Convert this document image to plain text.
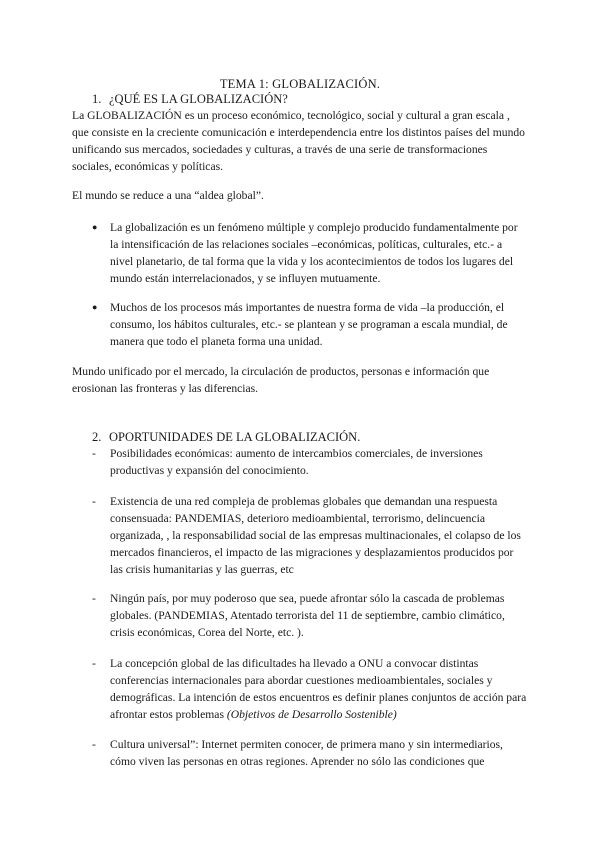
TEMA 1: GLOBALIZACIÓN.
1. ¿QUÉ ES LA GLOBALIZACIÓN?

La GLOBALIZACIÓN es un proceso económico, tecnológico, social y cultural a gran escala , que consiste en la creciente comunicación e interdependencia entre los distintos países del mundo unificando sus mercados, sociedades y culturas, a través de una serie de transformaciones sociales, económicas y políticas.

El mundo se reduce a una “aldea global”.

●	La globalización es un fenómeno múltiple y complejo producido fundamentalmente por la intensificación de las relaciones sociales –económicas, políticas, culturales, etc.- a nivel planetario, de tal forma que la vida y los acontecimientos de todos los lugares del mundo están interrelacionados, y se influyen mutuamente.

●	Muchos de los procesos más importantes de nuestra forma de vida –la producción, el consumo, los hábitos culturales, etc.- se plantean y se programan a escala mundial, de manera que todo el planeta forma una unidad.

Mundo unificado por el mercado, la circulación de productos, personas e información que erosionan las fronteras y las diferencias.

2. OPORTUNIDADES DE LA GLOBALIZACIÓN.
-	Posibilidades económicas: aumento de intercambios comerciales, de inversiones productivas y expansión del conocimiento.

-	Existencia de una red compleja de problemas globales que demandan una respuesta consensuada: PANDEMIAS, deterioro medioambiental, terrorismo, delincuencia organizada, , la responsabilidad social de las empresas multinacionales, el colapso de los mercados financieros, el impacto de las migraciones y desplazamientos producidos por las crisis humanitarias y las guerras, etc

-	Ningún país, por muy poderoso que sea, puede afrontar sólo la cascada de problemas globales. (PANDEMIAS, Atentado terrorista del 11 de septiembre, cambio climático, crisis económicas, Corea del Norte, etc. ).

-	La concepción global de las dificultades ha llevado a ONU a convocar distintas conferencias internacionales para abordar cuestiones medioambientales, sociales y demográficas. La intención de estos encuentros es definir planes conjuntos de acción para afrontar estos problemas (Objetivos de Desarrollo Sostenible)

-	Cultura universal”: Internet permiten conocer, de primera mano y sin intermediarios, cómo viven las personas en otras regiones. Aprender no sólo las condiciones que
